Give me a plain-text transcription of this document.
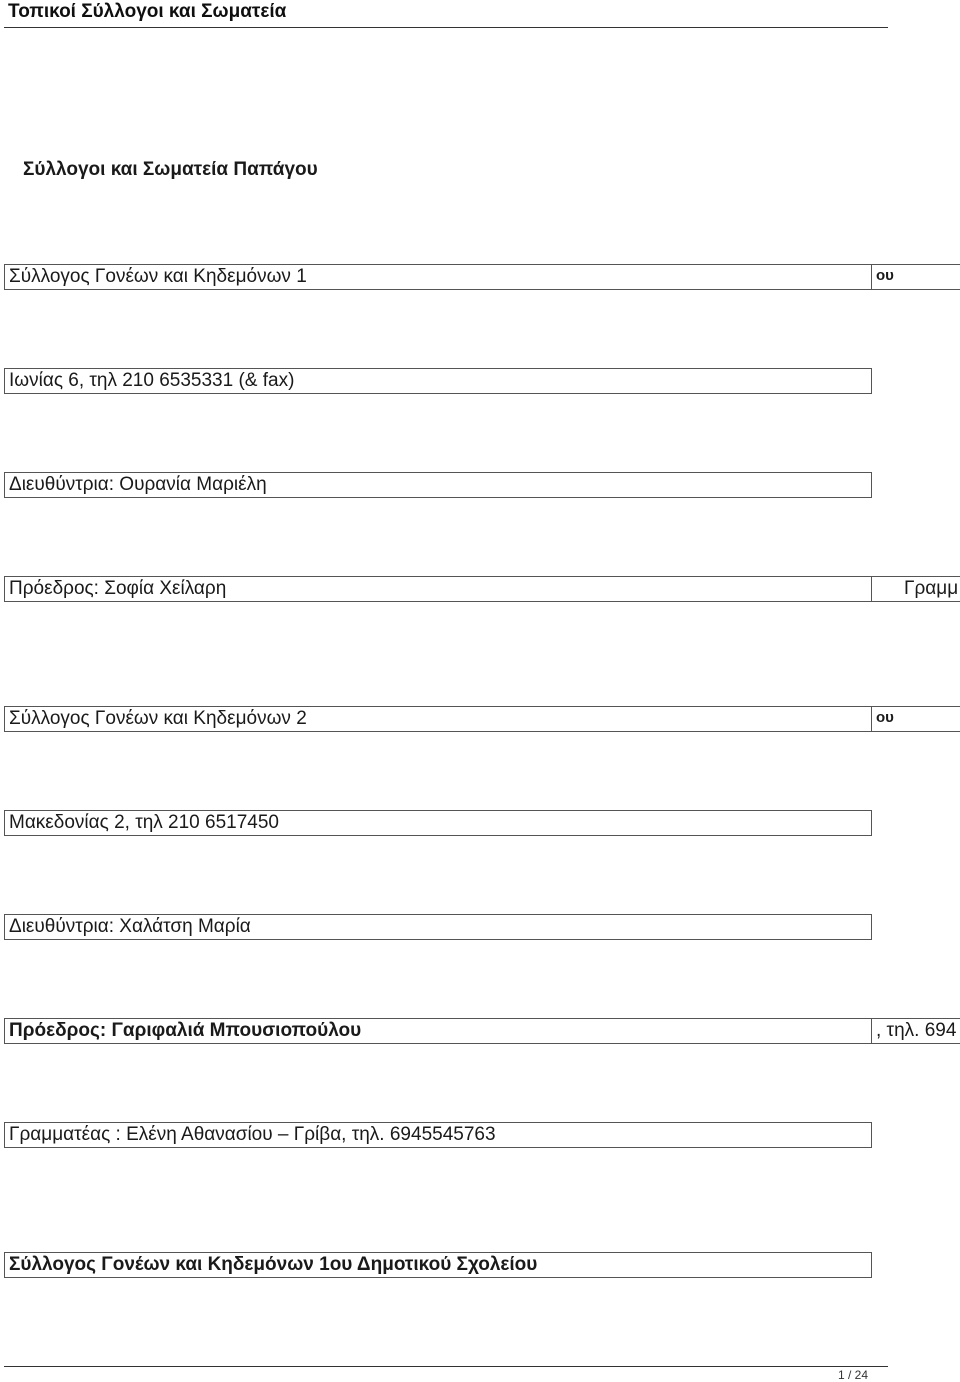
Τοπικοί Σύλλογοι και Σωματεία
Σύλλογοι και Σωματεία Παπάγου
Σύλλογος Γονέων και Κηδεμόνων 1	ου
Ιωνίας 6, τηλ 210 6535331 (& fax)
Διευθύντρια: Ουρανία Μαριέλη
Πρόεδρος: Σοφία Χείλαρη	Γραμμ
Σύλλογος Γονέων και Κηδεμόνων 2	ου
Μακεδονίας 2, τηλ 210 6517450
Διευθύντρια: Χαλάτση Μαρία
Πρόεδρος: Γαριφαλιά Μπουσιοπούλου	, τηλ. 694
Γραμματέας : Ελένη Αθανασίου – Γρίβα, τηλ. 6945545763
Σύλλογος Γονέων και Κηδεμόνων 1ου Δημοτικού Σχολείου
1 / 24
